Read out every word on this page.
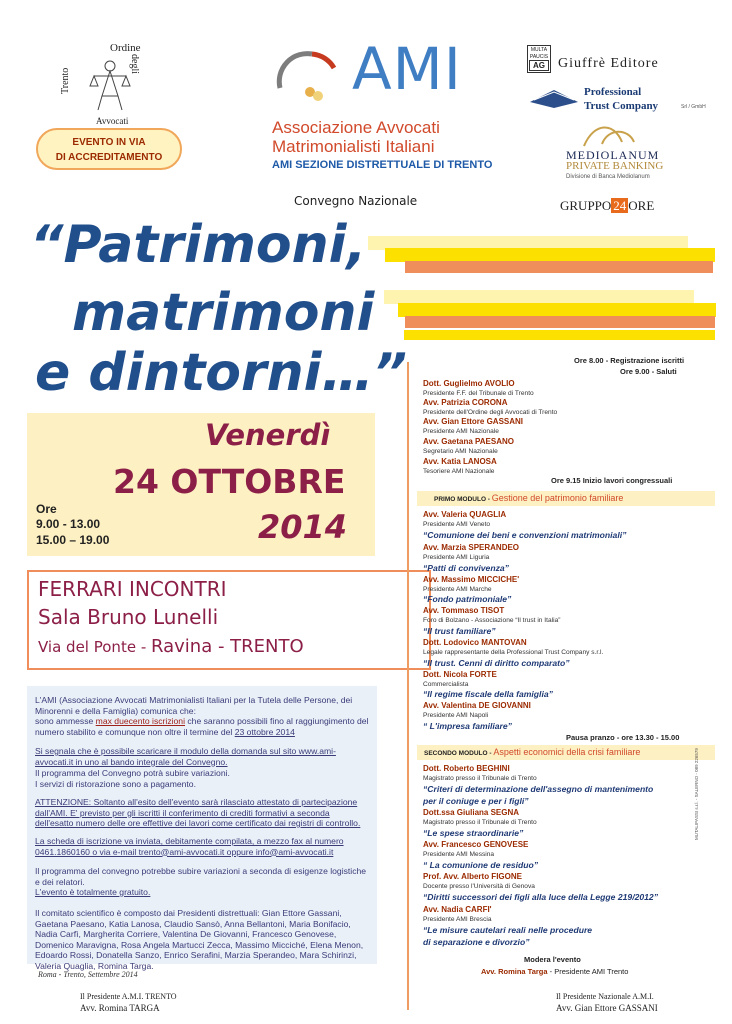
Ordine
degli
Trento
Avvocati
EVENTO IN VIA
DI ACCREDITAMENTO
AMI
Associazione Avvocati
Matrimonialisti Italiani
AMI SEZIONE DISTRETTUALE DI TRENTO
MULTA PAUCIS
AG Giuffrè Editore
Professional
Trust Company	Srl / GmbH
MEDIOLANUM
PRIVATE BANKING
Divisione di Banca Mediolanum
GRUPPO 24 ORE
Convegno Nazionale
“Patrimoni,
matrimoni
e dintorni…”
Venerdì
24 OTTOBRE
2014
Ore
9.00 - 13.00
15.00 – 19.00
FERRARI INCONTRI
Sala Bruno Lunelli
Via del Ponte - Ravina - TRENTO

L'AMI (Associazione Avvocati Matrimonialisti Italiani per la Tutela delle Persone, dei Minorenni e della Famiglia) comunica che:
sono ammesse max duecento iscrizioni che saranno possibili fino al raggiungimento del numero stabilito e comunque non oltre il termine del 23 ottobre 2014

Si segnala che è possibile scaricare il modulo della domanda sul sito www.ami-avvocati.it in uno al bando integrale del Convegno.

Il programma del Convegno potrà subire variazioni.

I servizi di ristorazione sono a pagamento.

ATTENZIONE: Soltanto all'esito dell'evento sarà rilasciato attestato di partecipazione dall'AMI. E' previsto per gli iscritti il conferimento di crediti formativi a seconda dell'esatto numero delle ore effettive dei lavori come certificato dai registri di controllo.

La scheda di iscrizione va inviata, debitamente compilata, a mezzo fax al numero 0461.1860160 o via e-mail trento@ami-avvocati.it oppure info@ami-avvocati.it

Il programma del convegno potrebbe subire variazioni a seconda di esigenze logistiche e dei relatori.

L'evento è totalmente gratuito.

Il comitato scientifico è composto dai Presidenti distrettuali: Gian Ettore Gassani, Gaetana Paesano, Katia Lanosa, Claudio Sansò, Anna Bellantoni, Maria Bonifacio, Nadia Carfì, Margherita Corriere, Valentina De Giovanni, Francesco Genovese, Domenico Maravigna, Rosa Angela Martucci Zecca, Massimo Micciché, Elena Menon, Edoardo Rossi, Donatella Sanzo, Enrico Serafini, Marzia Sperandeo, Mara Schirinzi, Valeria Quaglia, Romina Targa.

Roma - Trento, Settembre 2014
Il Presidente A.M.I. TRENTO
Avv. Romina TARGA
Il Presidente Nazionale A.M.I.
Avv. Gian Ettore GASSANI
Ore 8.00 - Registrazione iscritti
Ore 9.00 - Saluti
Dott. Guglielmo AVOLIO
Presidente F.F. del Tribunale di Trento
Avv. Patrizia CORONA
Presidente dell'Ordine degli Avvocati di Trento
Avv. Gian Ettore GASSANI
Presidente AMI Nazionale
Avv. Gaetana PAESANO
Segretario AMI Nazionale
Avv. Katia LANOSA
Tesoriere AMI Nazionale
Ore 9.15 Inizio lavori congressuali
PRIMO MODULO - Gestione del patrimonio familiare
Avv. Valeria QUAGLIA
Presidente AMI Veneto
“Comunione dei beni e convenzioni matrimoniali”
Avv. Marzia SPERANDEO
Presidente AMI Liguria
“Patti di convivenza”
Avv. Massimo MICCICHE'
Presidente AMI Marche
“Fondo patrimoniale”
Avv. Tommaso TISOT
Foro di Bolzano - Associazione “Il trust in Italia”
“Il trust familiare”
Dott. Lodovico MANTOVAN
Legale rappresentante della Professional Trust Company s.r.l.
“Il trust. Cenni di diritto comparato”
Dott. Nicola FORTE
Commercialista
“Il regime fiscale della famiglia”
Avv. Valentina DE GIOVANNI
Presidente AMI Napoli
“ L'impresa familiare”
Pausa pranzo - ore 13.30 - 15.00
SECONDO MODULO - Aspetti economici della crisi familiare
Dott. Roberto BEGHINI
Magistrato presso il Tribunale di Trento
“Criteri di determinazione dell'assegno di mantenimento
per il coniuge e per i figli”
Dott.ssa Giuliana SEGNA
Magistrato presso il Tribunale di Trento
“Le spese straordinarie”
Avv. Francesco GENOVESE
Presidente AMI Messina
“ La comunione de residuo”
Prof. Avv. Alberto FIGONE
Docente presso l'Università di Genova
“Diritti successori dei figli alla luce della Legge 219/2012”
Avv. Nadia CARFI'
Presidente AMI Brescia
“Le misure cautelari reali nelle procedure
di separazione e divorzio”
Modera l'evento
Avv. Romina Targa - Presidente AMI Trento
MUTALIPASSI s.r.l. - SALERNO - 089 226579
